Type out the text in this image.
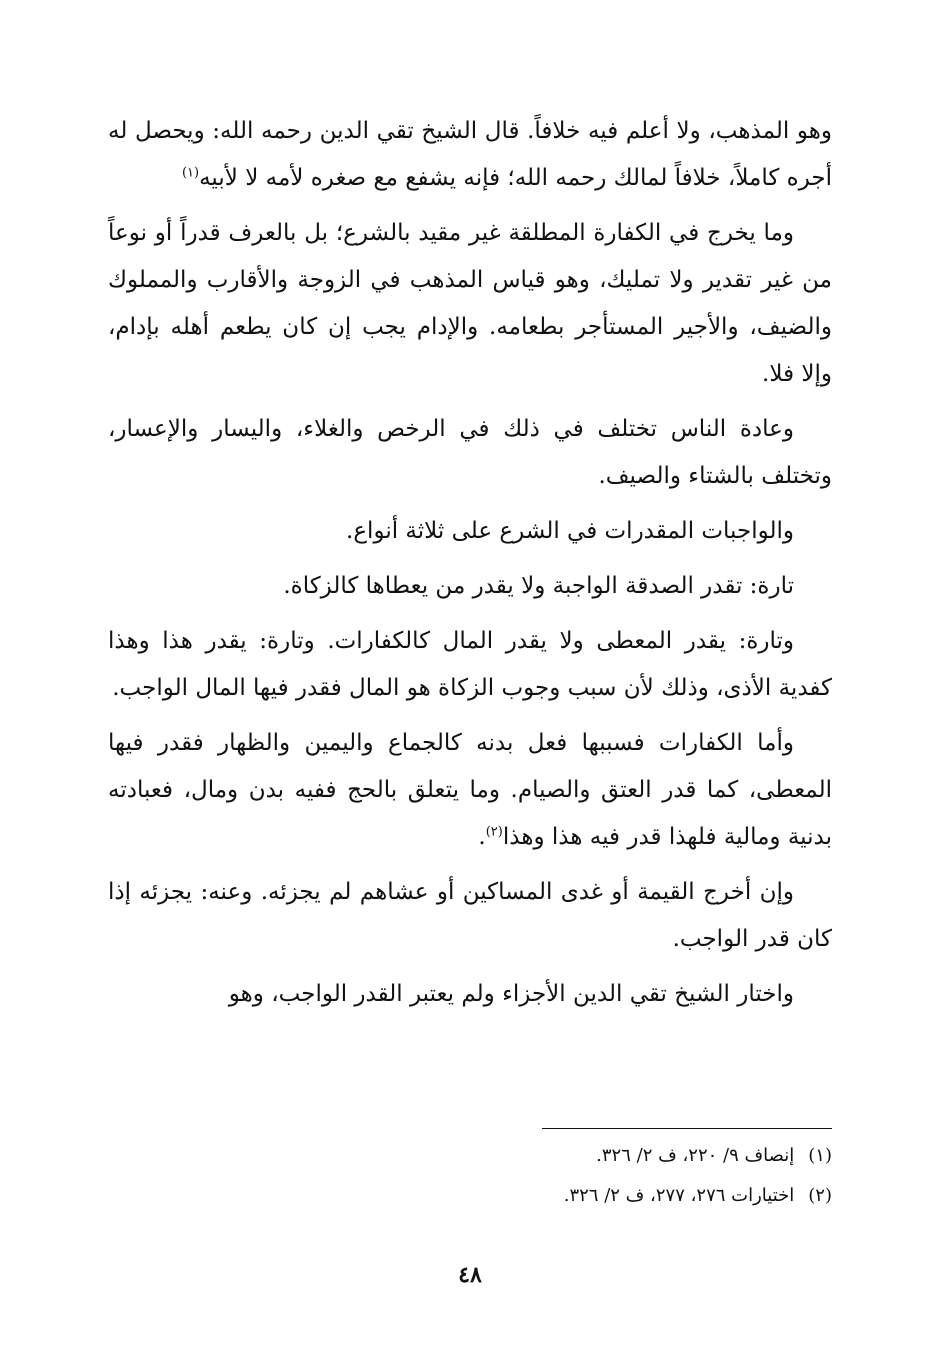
وهو المذهب، ولا أعلم فيه خلافاً. قال الشيخ تقي الدين رحمه الله: ويحصل له أجره كاملاً، خلافاً لمالك رحمه الله؛ فإنه يشفع مع صغره لأمه لا لأبيه$^{(١)}$

وما يخرج في الكفارة المطلقة غير مقيد بالشرع؛ بل بالعرف قدراً أو نوعاً من غير تقدير ولا تمليك، وهو قياس المذهب في الزوجة والأقارب والمملوك والضيف، والأجير المستأجر بطعامه. والإدام يجب إن كان يطعم أهله بإدام، وإلا فلا.

وعادة الناس تختلف في ذلك في الرخص والغلاء، واليسار والإعسار، وتختلف بالشتاء والصيف.

والواجبات المقدرات في الشرع على ثلاثة أنواع.

تارة: تقدر الصدقة الواجبة ولا يقدر من يعطاها كالزكاة.

وتارة: يقدر المعطى ولا يقدر المال كالكفارات. وتارة: يقدر هذا وهذا كفدية الأذى، وذلك لأن سبب وجوب الزكاة هو المال فقدر فيها المال الواجب.

وأما الكفارات فسببها فعل بدنه كالجماع واليمين والظهار فقدر فيها المعطى، كما قدر العتق والصيام. وما يتعلق بالحج ففيه بدن ومال، فعبادته بدنية ومالية فلهذا قدر فيه هذا وهذا$^{(٢)}$.

وإن أخرج القيمة أو غدى المساكين أو عشاهم لم يجزئه. وعنه: يجزئه إذا كان قدر الواجب.

واختار الشيخ تقي الدين الأجزاء ولم يعتبر القدر الواجب، وهو

(١)إنصاف ٩/ ٢٢٠، ف ٢/ ٣٢٦.

(٢)اختيارات ٢٧٦، ٢٧٧، ف ٢/ ٣٢٦.

٤٨
